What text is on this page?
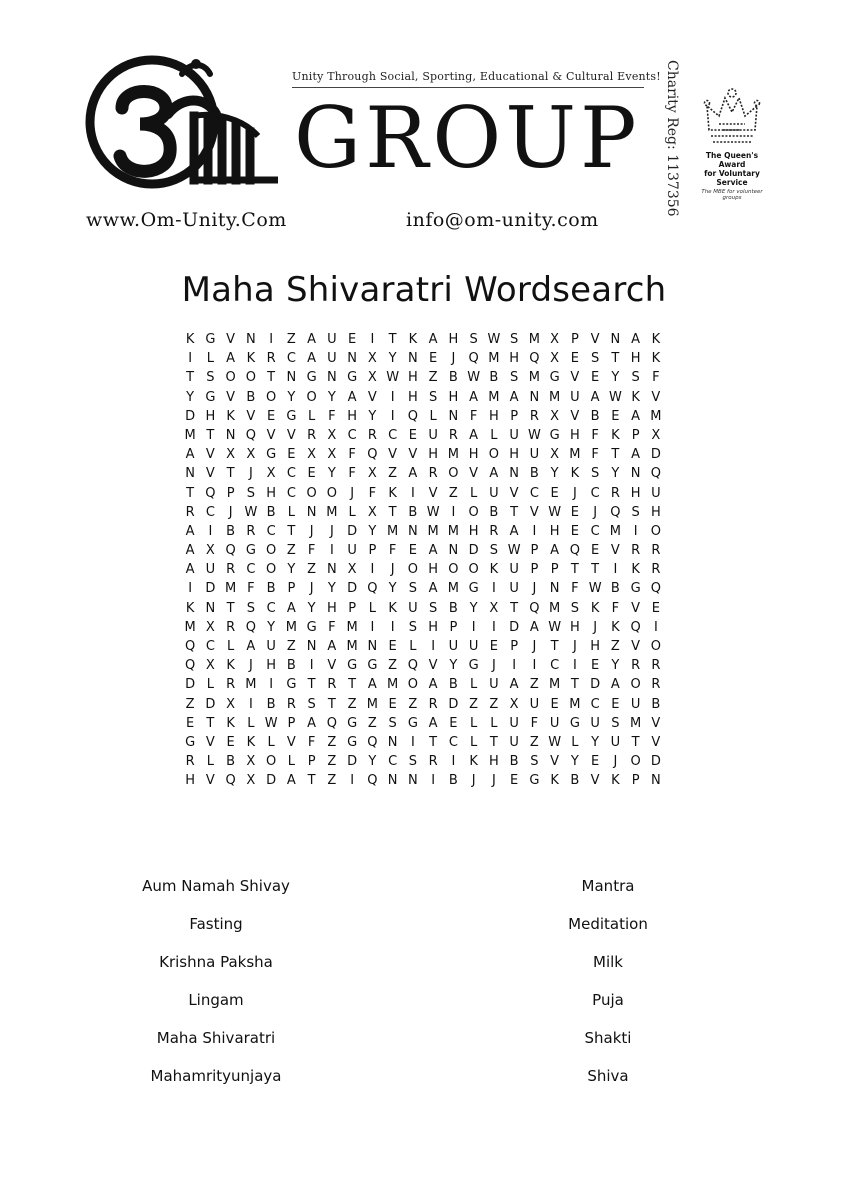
Unity Through Social, Sporting, Educational & Cultural Events!
GROUP
www.Om-Unity.Com	info@om-unity.com
Charity Reg: 1137356	The Queen's Award
for Voluntary Service
The MBE for volunteer groups
Maha Shivaratri Wordsearch
K G V N	I	Z A U E	I	T K A H S W S M X P V N A K
I	L A K R C A U N X Y N E	J	Q M H Q X E S T H K
T S O O T N G N G X W H Z B W B S M G V E Y S F
Y G V B O Y O Y A V	I	H S H A M A N M U A W K V
D H K V E G L F H Y	I	Q L N F H P R X V B E A M
M T N Q V V R X C R C E U R A L U W G H F K P X
A V X X G E X X F Q V V H M H O H U X M F T A D
N V T	J	X C E Y F X Z A R O V A N B Y K S Y N Q
T Q P S H C O O	J	F K	I	V Z L U V C E	J	C R H U
R C	J W B L N M L X T B W I	O B T V W E	J	Q S H
A	I	B R C T	J	J	D Y M N M M H R A	I	H E C M I	O
A X Q G O Z F	I	U P F E A N D S W P A Q E V R R
A U R C O Y Z N X	I	J	O H O O K U P P T T	I	K R
I	D M F B P	J	Y D Q Y S A M G	I	U	J	N F W B G Q
K N T S C A Y H P L K U S B Y X T Q M S K F V E
M X R Q Y M G F M I	I	S H P	I	I	D A W H	J	K Q	I
Q C L A U Z N A M N E L	I	U U E P	J	T	J	H Z V O
Q X K	J	H B	I	V G G Z Q V Y G	J	I	I	C	I	E Y R R
D L R M I	G T R T A M O A B L U A Z M T D A O R
Z D X	I	B R S T Z M E Z R D Z Z X U E M C E U B
E T K L W P A Q G Z S G A E L	L U F U G U S M V
G V E K L V F Z G Q N	I	T C L T U Z W L Y U T V
R L B X O L P Z D Y C S R	I	K H B S V Y E	J	O D
H V Q X D A T Z	I	Q N N	I	B	J	J	E G K B V K P N
Aum Namah Shivay
Fasting
Krishna Paksha
Lingam
Maha Shivaratri
Mahamrityunjaya
Mantra
Meditation
Milk
Puja
Shakti
Shiva
